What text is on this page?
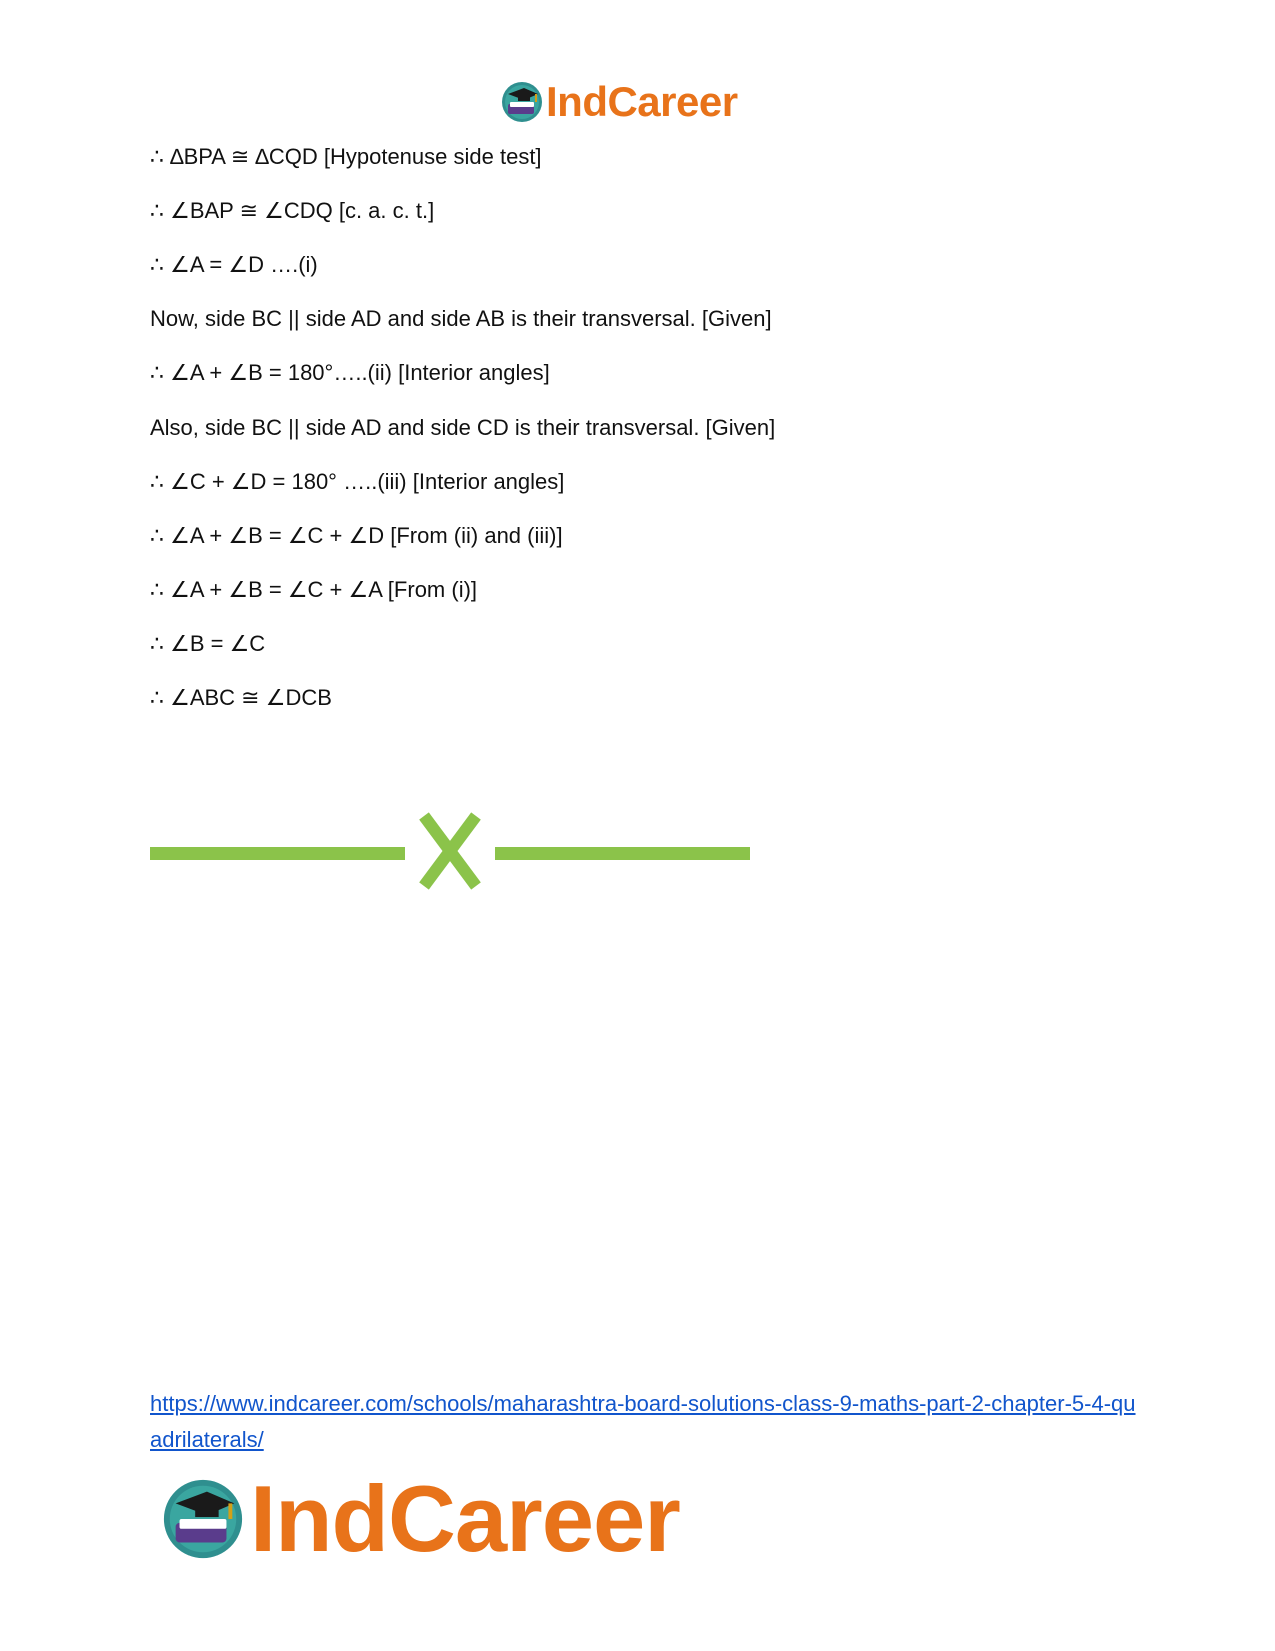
IndCareer
∴ ∆BPA ≅ ∆CQD [Hypotenuse side test]
∴ ∠BAP ≅ ∠CDQ [c. a. c. t.]
∴ ∠A = ∠D ….(i)
Now, side BC || side AD and side AB is their transversal. [Given]
∴ ∠A + ∠B = 180°…..(ii) [Interior angles]
Also, side BC || side AD and side CD is their transversal. [Given]
∴ ∠C + ∠D = 180° …..(iii) [Interior angles]
∴ ∠A + ∠B = ∠C + ∠D [From (ii) and (iii)]
∴ ∠A + ∠B = ∠C + ∠A [From (i)]
∴ ∠B = ∠C
∴ ∠ABC ≅ ∠DCB
https://www.indcareer.com/schools/maharashtra-board-solutions-class-9-maths-part-2-chapter-5-4-quadrilaterals/
IndCareer
